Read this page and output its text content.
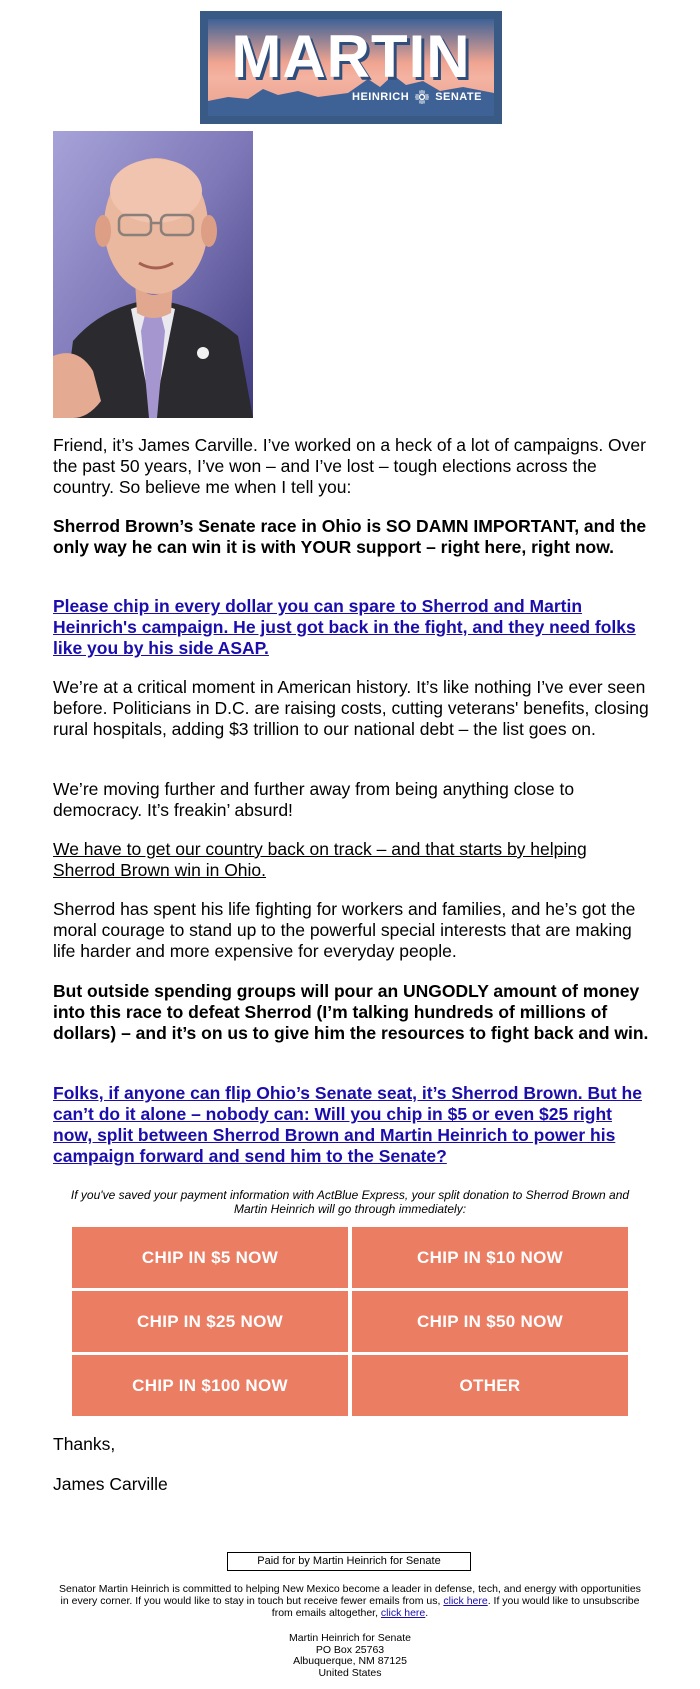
MARTIN
HEINRICH SENATE

Friend, it’s James Carville. I’ve worked on a heck of a lot of campaigns. Over the past 50 years, I’ve won – and I’ve lost – tough elections across the country. So believe me when I tell you:

Sherrod Brown’s Senate race in Ohio is SO DAMN IMPORTANT, and the only way he can win it is with YOUR support – right here, right now.

Please chip in every dollar you can spare to Sherrod and Martin Heinrich's campaign. He just got back in the fight, and they need folks like you by his side ASAP.

We’re at a critical moment in American history. It’s like nothing I’ve ever seen before. Politicians in D.C. are raising costs, cutting veterans' benefits, closing rural hospitals, adding $3 trillion to our national debt – the list goes on.

We’re moving further and further away from being anything close to democracy. It’s freakin’ absurd!

We have to get our country back on track – and that starts by helping Sherrod Brown win in Ohio.

Sherrod has spent his life fighting for workers and families, and he’s got the moral courage to stand up to the powerful special interests that are making life harder and more expensive for everyday people.

But outside spending groups will pour an UNGODLY amount of money into this race to defeat Sherrod (I’m talking hundreds of millions of dollars) – and it’s on us to give him the resources to fight back and win.

Folks, if anyone can flip Ohio’s Senate seat, it’s Sherrod Brown. But he can’t do it alone – nobody can: Will you chip in $5 or even $25 right now, split between Sherrod Brown and Martin Heinrich to power his campaign forward and send him to the Senate?
If you've saved your payment information with ActBlue Express, your split donation to Sherrod Brown and Martin Heinrich will go through immediately:
CHIP IN $5 NOW	CHIP IN $10 NOW
CHIP IN $25 NOW	CHIP IN $50 NOW
CHIP IN $100 NOW	OTHER

Thanks,

James Carville

Paid for by Martin Heinrich for Senate
Senator Martin Heinrich is committed to helping New Mexico become a leader in defense, tech, and energy with opportunities in every corner. If you would like to stay in touch but receive fewer emails from us, click here. If you would like to unsubscribe from emails altogether, click here.
Martin Heinrich for Senate
PO Box 25763
Albuquerque, NM 87125
United States
